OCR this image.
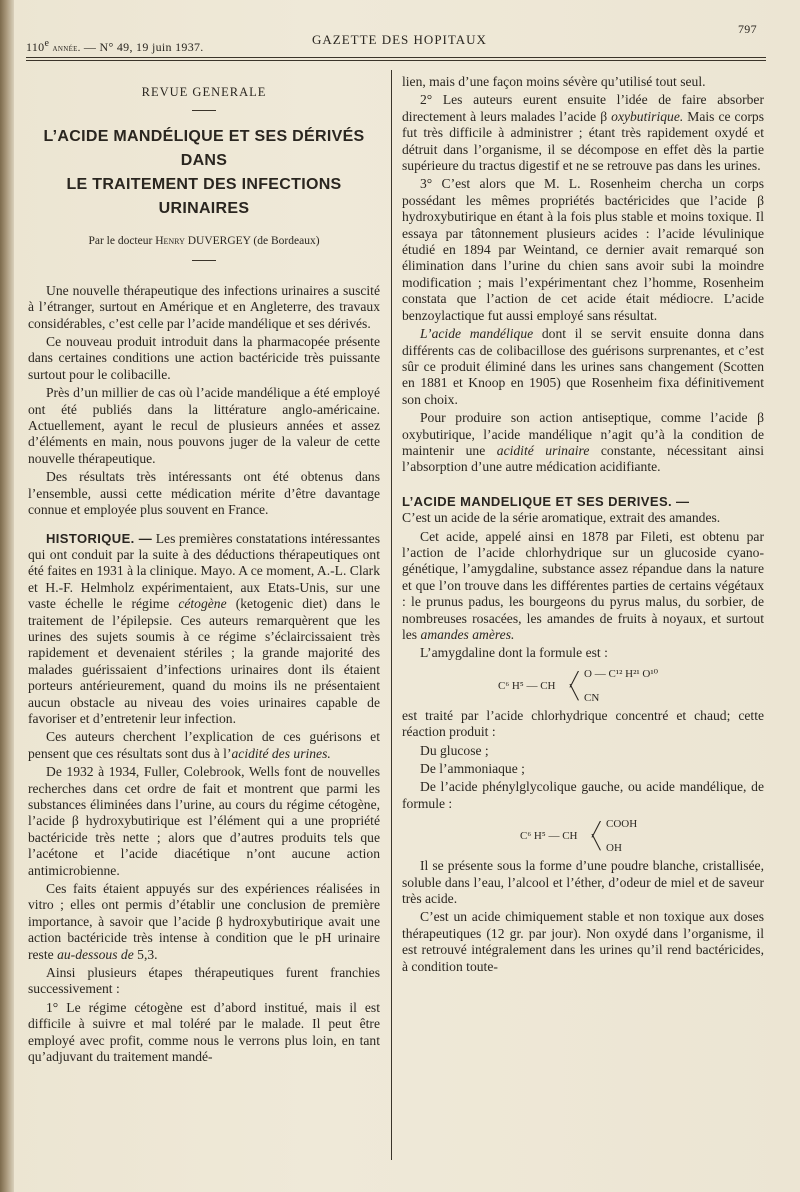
110e année. — N° 49, 19 juin 1937.	GAZETTE DES HOPITAUX
797
REVUE GENERALE
L’ACIDE MANDÉLIQUE ET SES DÉRIVÉS DANS
LE TRAITEMENT DES INFECTIONS URINAIRES
Par le docteur Henry DUVERGEY (de Bordeaux)

Une nouvelle thérapeutique des infections urinaires a suscité à l’étranger, surtout en Amérique et en Angleterre, des travaux considérables, c’est celle par l’acide mandélique et ses dérivés.

Ce nouveau produit introduit dans la pharmacopée présente dans certaines conditions une action bactéricide très puissante surtout pour le colibacille.

Près d’un millier de cas où l’acide mandélique a été employé ont été publiés dans la littérature anglo-américaine. Actuellement, ayant le recul de plusieurs années et assez d’éléments en main, nous pouvons juger de la valeur de cette nouvelle thérapeutique.

Des résultats très intéressants ont été obtenus dans l’ensemble, aussi cette médication mérite d’être davantage connue et employée plus souvent en France.

HISTORIQUE. — Les premières constatations intéressantes qui ont conduit par la suite à des déductions thérapeutiques ont été faites en 1931 à la clinique. Mayo. A ce moment, A.-L. Clark et H.-F. Helmholz expérimentaient, aux Etats-Unis, sur une vaste échelle le régime cétogène (ketogenic diet) dans le traitement de l’épilepsie. Ces auteurs remarquèrent que les urines des sujets soumis à ce régime s’éclaircissaient très rapidement et devenaient stériles ; la grande majorité des malades guérissaient d’infections urinaires dont ils étaient porteurs antérieurement, quand du moins ils ne présentaient aucun obstacle au niveau des voies urinaires capable de favoriser et d’entretenir leur infection.

Ces auteurs cherchent l’explication de ces guérisons et pensent que ces résultats sont dus à l’acidité des urines.

De 1932 à 1934, Fuller, Colebrook, Wells font de nouvelles recherches dans cet ordre de fait et montrent que parmi les substances éliminées dans l’urine, au cours du régime cétogène, l’acide β hydroxybutirique est l’élément qui a une propriété bactéricide très nette ; alors que d’autres produits tels que l’acétone et l’acide diacétique n’ont aucune action antimicrobienne.

Ces faits étaient appuyés sur des expériences réalisées in vitro ; elles ont permis d’établir une conclusion de première importance, à savoir que l’acide β hydroxybutirique avait une action bactéricide très intense à condition que le pH urinaire reste au-dessous de 5,3.

Ainsi plusieurs étapes thérapeutiques furent franchies successivement :

1° Le régime cétogène est d’abord institué, mais il est difficile à suivre et mal toléré par le malade. Il peut être employé avec profit, comme nous le verrons plus loin, en tant qu’adjuvant du traitement mandé-

lien, mais d’une façon moins sévère qu’utilisé tout seul.

2° Les auteurs eurent ensuite l’idée de faire absorber directement à leurs malades l’acide β oxybutirique. Mais ce corps fut très difficile à administrer ; étant très rapidement oxydé et détruit dans l’organisme, il se décompose en effet dès la partie supérieure du tractus digestif et ne se retrouve pas dans les urines.

3° C’est alors que M. L. Rosenheim chercha un corps possédant les mêmes propriétés bactéricides que l’acide β hydroxybutirique en étant à la fois plus stable et moins toxique. Il essaya par tâtonnement plusieurs acides : l’acide lévulinique étudié en 1894 par Weintand, ce dernier avait remarqué son élimination dans l’urine du chien sans avoir subi la moindre modification ; mais l’expérimentant chez l’homme, Rosenheim constata que l’action de cet acide était médiocre. L’acide benzoylactique fut aussi employé sans résultat.

L’acide mandélique dont il se servit ensuite donna dans différents cas de colibacillose des guérisons surprenantes, et c’est sûr ce produit éliminé dans les urines sans changement (Scotten en 1881 et Knoop en 1905) que Rosenheim fixa définitivement son choix.

Pour produire son action antiseptique, comme l’acide β oxybutirique, l’acide mandélique n’agit qu’à la condition de maintenir une acidité urinaire constante, nécessitant ainsi l’absorption d’une autre médication acidifiante.

L’ACIDE MANDELIQUE ET SES DERIVES. —

C’est un acide de la série aromatique, extrait des amandes.

Cet acide, appelé ainsi en 1878 par Fileti, est obtenu par l’action de l’acide chlorhydrique sur un glucoside cyano-génétique, l’amygdaline, substance assez répandue dans la nature et que l’on trouve dans les différentes parties de certains végétaux : le prunus padus, les bourgeons du pyrus malus, du sorbier, de nombreuses rosacées, les amandes de fruits à noyaux, et surtout les amandes amères.

L’amygdaline dont la formule est :

C⁶ H⁵ — CH ╱
╲
O — C¹² H²¹ O¹⁰
CN

est traité par l’acide chlorhydrique concentré et chaud; cette réaction produit :

Du glucose ;

De l’ammoniaque ;

De l’acide phénylglycolique gauche, ou acide mandélique, de formule :

C⁶ H⁵ — CH ╱
╲
COOH
OH

Il se présente sous la forme d’une poudre blanche, cristallisée, soluble dans l’eau, l’alcool et l’éther, d’odeur de miel et de saveur très acide.

C’est un acide chimiquement stable et non toxique aux doses thérapeutiques (12 gr. par jour). Non oxydé dans l’organisme, il est retrouvé intégralement dans les urines qu’il rend bactéricides, à condition toute-
